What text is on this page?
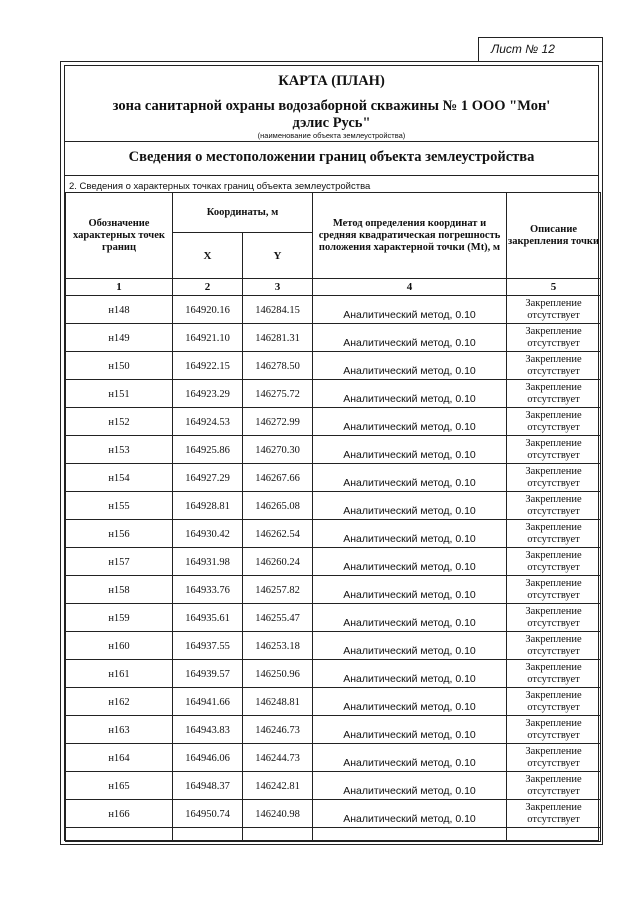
Лист № 12
КАРТА (ПЛАН)
зона санитарной охраны водозаборной скважины № 1 ООО "Мон' дэлис Русь"
(наименование объекта землеустройства)
Сведения о местоположении границ объекта землеустройства
2. Сведения о характерных точках границ объекта землеустройства
Обозначение характерных точек границ	Координаты, м		Метод определения координат и средняя квадратическая погрешность положения характерной точки (Mt), м	Описание закрепления точки
	X	Y		
1	2	3	4	5
н148	164920.16	146284.15	Аналитический метод, 0.10	Закрепление
отсутствует

н149	164921.10	146281.31	Аналитический метод, 0.10	Закрепление
отсутствует

н150	164922.15	146278.50	Аналитический метод, 0.10	Закрепление
отсутствует

н151	164923.29	146275.72	Аналитический метод, 0.10	Закрепление
отсутствует

н152	164924.53	146272.99	Аналитический метод, 0.10	Закрепление
отсутствует

н153	164925.86	146270.30	Аналитический метод, 0.10	Закрепление
отсутствует

н154	164927.29	146267.66	Аналитический метод, 0.10	Закрепление
отсутствует

н155	164928.81	146265.08	Аналитический метод, 0.10	Закрепление
отсутствует

н156	164930.42	146262.54	Аналитический метод, 0.10	Закрепление
отсутствует

н157	164931.98	146260.24	Аналитический метод, 0.10	Закрепление
отсутствует

н158	164933.76	146257.82	Аналитический метод, 0.10	Закрепление
отсутствует

н159	164935.61	146255.47	Аналитический метод, 0.10	Закрепление
отсутствует

н160	164937.55	146253.18	Аналитический метод, 0.10	Закрепление
отсутствует

н161	164939.57	146250.96	Аналитический метод, 0.10	Закрепление
отсутствует

н162	164941.66	146248.81	Аналитический метод, 0.10	Закрепление
отсутствует

н163	164943.83	146246.73	Аналитический метод, 0.10	Закрепление
отсутствует

н164	164946.06	146244.73	Аналитический метод, 0.10	Закрепление
отсутствует

н165	164948.37	146242.81	Аналитический метод, 0.10	Закрепление
отсутствует

н166	164950.74	146240.98	Аналитический метод, 0.10	Закрепление
отсутствует
